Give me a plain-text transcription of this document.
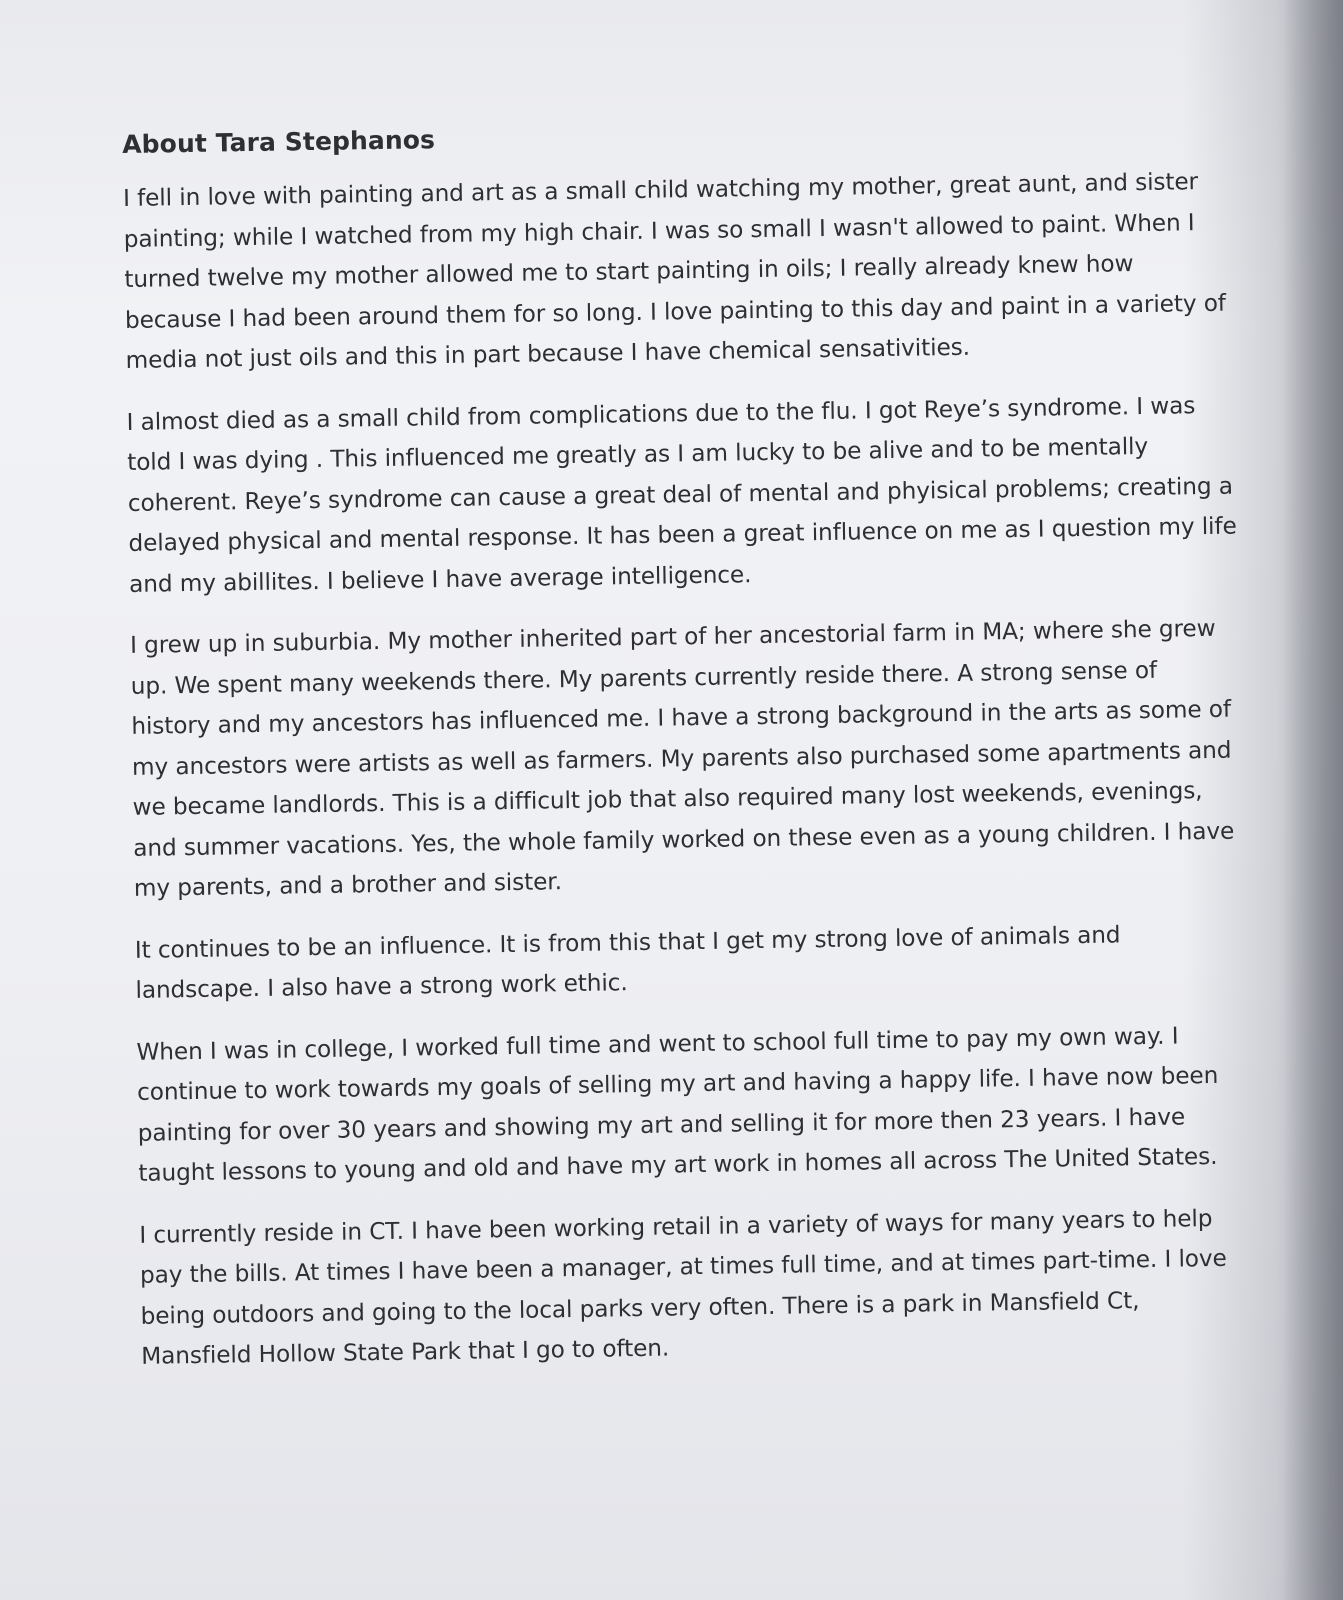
About Tara Stephanos
I fell in love with painting and art as a small child watching my mother, great aunt, and sister
painting; while I watched from my high chair. I was so small I wasn't allowed to paint. When I
turned twelve my mother allowed me to start painting in oils; I really already knew how
because I had been around them for so long. I love painting to this day and paint in a variety of
media not just oils and this in part because I have chemical sensativities.
I almost died as a small child from complications due to the flu. I got Reye’s syndrome. I was
told I was dying . This influenced me greatly as I am lucky to be alive and to be mentally
coherent. Reye’s syndrome can cause a great deal of mental and phyisical problems; creating a
delayed physical and mental response. It has been a great influence on me as I question my life
and my abillites. I believe I have average intelligence.
I grew up in suburbia. My mother inherited part of her ancestorial farm in MA; where she grew
up. We spent many weekends there. My parents currently reside there. A strong sense of
history and my ancestors has influenced me. I have a strong background in the arts as some of
my ancestors were artists as well as farmers. My parents also purchased some apartments and
we became landlords. This is a difficult job that also required many lost weekends, evenings,
and summer vacations. Yes, the whole family worked on these even as a young children. I have
my parents, and a brother and sister.
It continues to be an influence. It is from this that I get my strong love of animals and
landscape. I also have a strong work ethic.
When I was in college, I worked full time and went to school full time to pay my own way. I
continue to work towards my goals of selling my art and having a happy life. I have now been
painting for over 30 years and showing my art and selling it for more then 23 years. I have
taught lessons to young and old and have my art work in homes all across The United States.
I currently reside in CT. I have been working retail in a variety of ways for many years to help
pay the bills. At times I have been a manager, at times full time, and at times part-time. I love
being outdoors and going to the local parks very often. There is a park in Mansfield Ct,
Mansfield Hollow State Park that I go to often.
